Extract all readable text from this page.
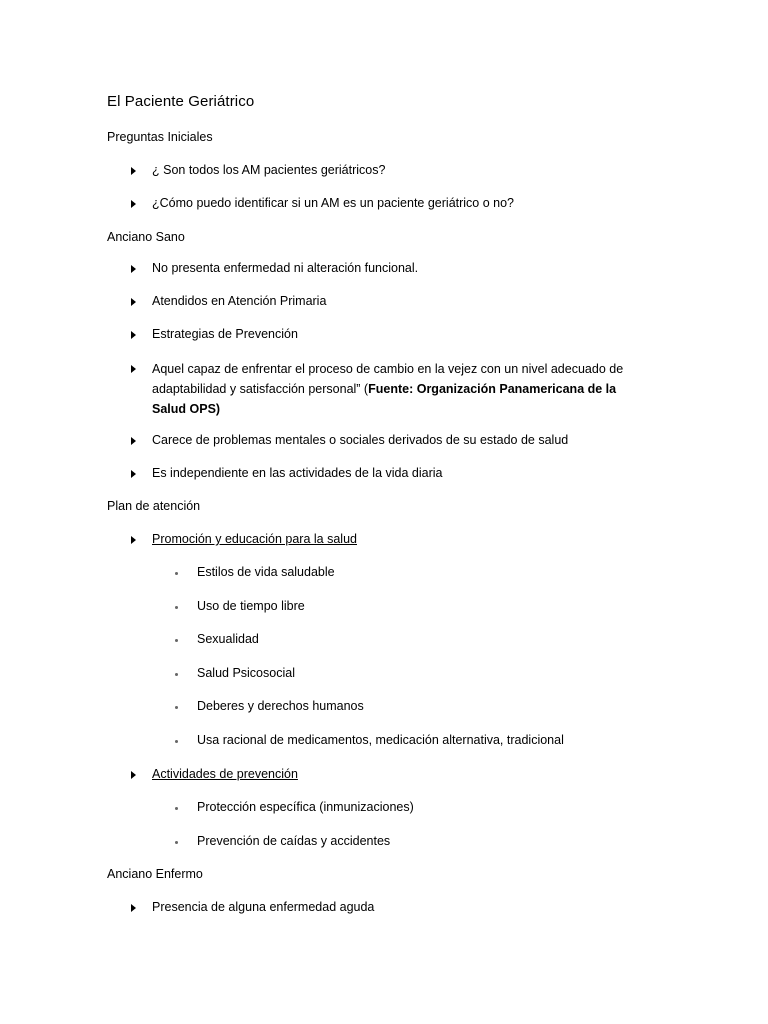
El Paciente Geriátrico
Preguntas Iniciales
¿ Son todos los AM pacientes geriátricos?
¿Cómo puedo identificar si un AM es un paciente geriátrico o no?
Anciano Sano
No presenta enfermedad ni alteración funcional.
Atendidos en Atención Primaria
Estrategias de Prevención
Aquel capaz de enfrentar el proceso de cambio en la vejez con un nivel adecuado de adaptabilidad y satisfacción personal” (Fuente: Organización Panamericana de la Salud OPS)
Carece de problemas mentales o sociales derivados de su estado de salud
Es independiente en las actividades de la vida diaria
Plan de atención
Promoción y educación para la salud
Estilos de vida saludable
Uso de tiempo libre
Sexualidad
Salud Psicosocial
Deberes y derechos humanos
Usa racional de medicamentos, medicación alternativa, tradicional
Actividades de prevención
Protección específica (inmunizaciones)
Prevención de caídas y accidentes
Anciano Enfermo
Presencia de alguna enfermedad aguda
